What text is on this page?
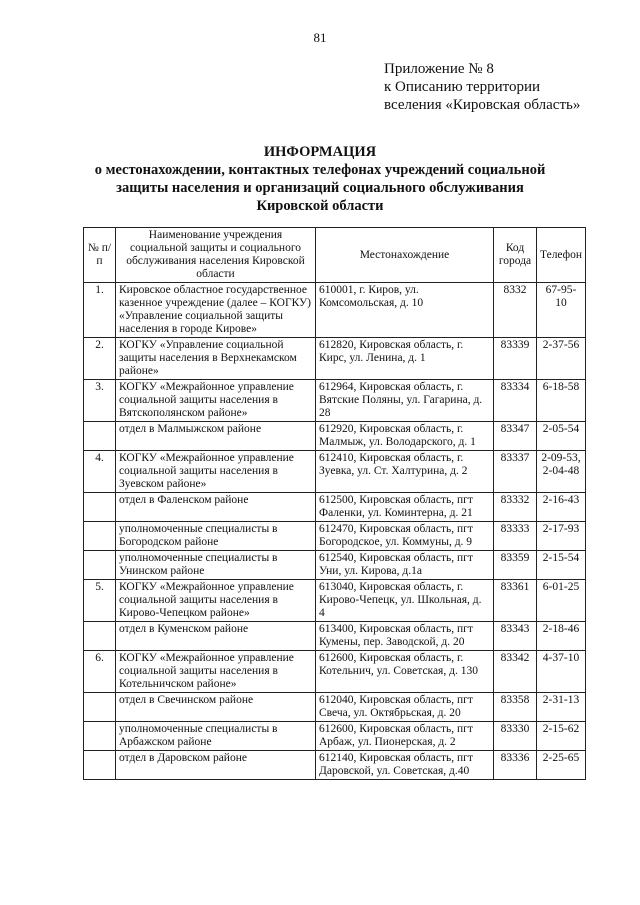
81
Приложение № 8
к Описанию территории
вселения «Кировская область»
ИНФОРМАЦИЯ
о местонахождении, контактных телефонах учреждений социальной
защиты населения и организаций социального обслуживания
Кировской области
№ п/п	Наименование учреждения социальной защиты и социального обслуживания населения Кировской области	Местонахождение	Код города	Телефон
1.	Кировское областное государственное казенное учреждение (далее – КОГКУ) «Управление социальной защиты населения в городе Кирове»	610001, г. Киров, ул. Комсомольская, д. 10	8332	67-95-10
2.	КОГКУ «Управление социальной защиты населения в Верхнекамском районе»	612820, Кировская область, г. Кирс, ул. Ленина, д. 1	83339	2-37-56
3.	КОГКУ «Межрайонное управление социальной защиты населения в Вятскополянском районе»	612964, Кировская область, г. Вятские Поляны, ул. Гагарина, д. 28	83334	6-18-58
	отдел в Малмыжском районе	612920, Кировская область, г. Малмыж, ул. Володарского, д. 1	83347	2-05-54
4.	КОГКУ «Межрайонное управление социальной защиты населения в Зуевском районе»	612410, Кировская область, г. Зуевка, ул. Ст. Халтурина, д. 2	83337	2-09-53, 2-04-48
	отдел в Фаленском районе	612500, Кировская область, пгт Фаленки, ул. Коминтерна, д. 21	83332	2-16-43
	уполномоченные специалисты в Богородском районе	612470, Кировская область, пгт Богородское, ул. Коммуны, д. 9	83333	2-17-93
	уполномоченные специалисты в Унинском районе	612540, Кировская область, пгт Уни, ул. Кирова, д.1а	83359	2-15-54
5.	КОГКУ «Межрайонное управление социальной защиты населения в Кирово-Чепецком районе»	613040, Кировская область, г. Кирово-Чепецк, ул. Школьная, д. 4	83361	6-01-25
	отдел в Куменском районе	613400, Кировская область, пгт Кумены, пер. Заводской, д. 20	83343	2-18-46
6.	КОГКУ «Межрайонное управление социальной защиты населения в Котельничском районе»	612600, Кировская область, г. Котельнич, ул. Советская, д. 130	83342	4-37-10
	отдел в Свечинском районе	612040, Кировская область, пгт Свеча, ул. Октябрьская, д. 20	83358	2-31-13
	уполномоченные специалисты в Арбажском районе	612600, Кировская область, пгт Арбаж, ул. Пионерская, д. 2	83330	2-15-62
	отдел в Даровском районе	612140, Кировская область, пгт Даровской, ул. Советская, д.40	83336	2-25-65
